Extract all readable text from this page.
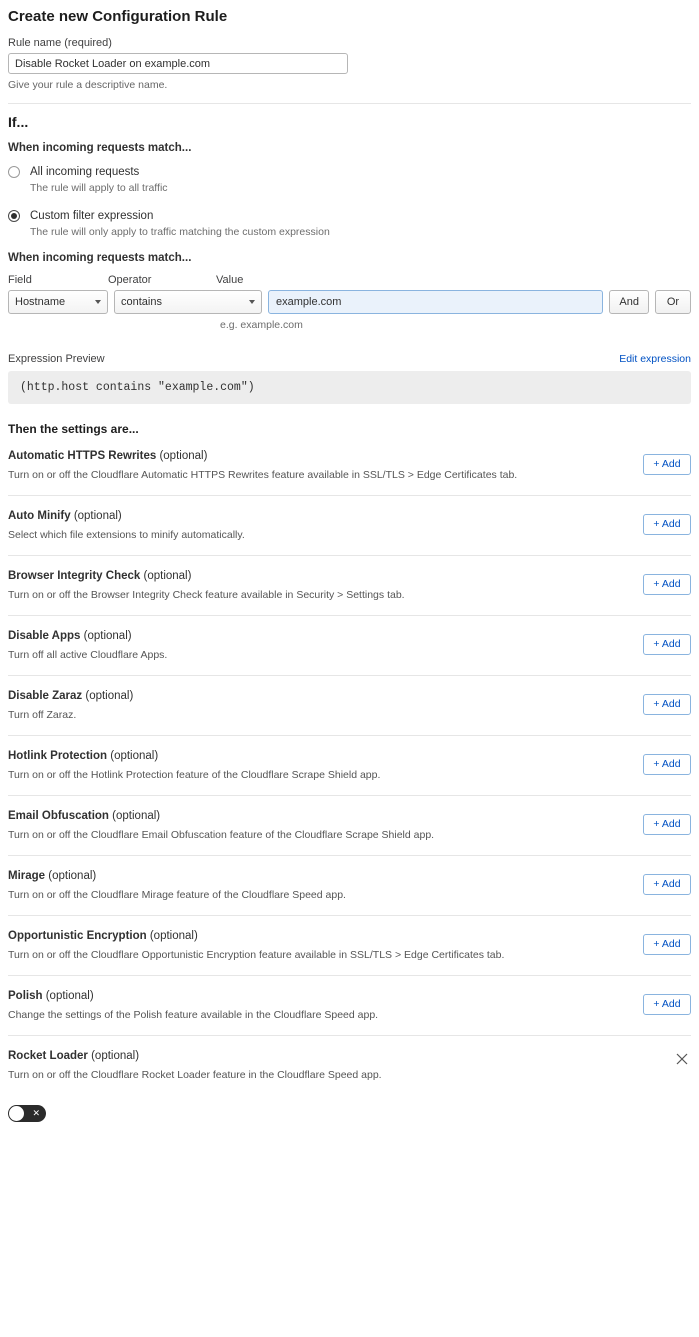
Create new Configuration Rule
Rule name (required)
Disable Rocket Loader on example.com
Give your rule a descriptive name.
If...
When incoming requests match...
All incoming requests
The rule will apply to all traffic
Custom filter expression
The rule will only apply to traffic matching the custom expression
When incoming requests match...
Field	Operator	Value
Hostname	contains
example.com	And	Or
e.g. example.com
Expression Preview	Edit expression
(http.host contains "example.com")
Then the settings are...
Automatic HTTPS Rewrites (optional)
Turn on or off the Cloudflare Automatic HTTPS Rewrites feature available in SSL/TLS > Edge Certificates tab.
+ Add
Auto Minify (optional)
Select which file extensions to minify automatically.
+ Add
Browser Integrity Check (optional)
Turn on or off the Browser Integrity Check feature available in Security > Settings tab.
+ Add
Disable Apps (optional)
Turn off all active Cloudflare Apps.
+ Add
Disable Zaraz (optional)
Turn off Zaraz.
+ Add
Hotlink Protection (optional)
Turn on or off the Hotlink Protection feature of the Cloudflare Scrape Shield app.
+ Add
Email Obfuscation (optional)
Turn on or off the Cloudflare Email Obfuscation feature of the Cloudflare Scrape Shield app.
+ Add
Mirage (optional)
Turn on or off the Cloudflare Mirage feature of the Cloudflare Speed app.
+ Add
Opportunistic Encryption (optional)
Turn on or off the Cloudflare Opportunistic Encryption feature available in SSL/TLS > Edge Certificates tab.
+ Add
Polish (optional)
Change the settings of the Polish feature available in the Cloudflare Speed app.
+ Add
Rocket Loader (optional)
Turn on or off the Cloudflare Rocket Loader feature in the Cloudflare Speed app.
✕
